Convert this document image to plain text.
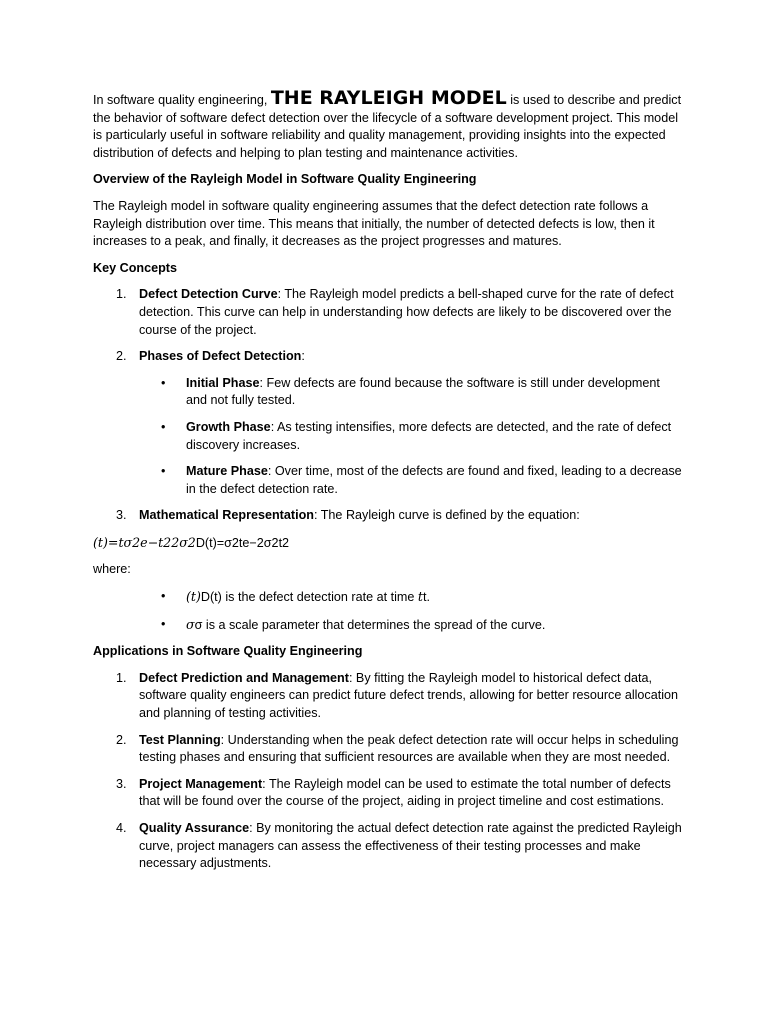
In software quality engineering, THE RAYLEIGH MODEL is used to describe and predict the behavior of software defect detection over the lifecycle of a software development project. This model is particularly useful in software reliability and quality management, providing insights into the expected distribution of defects and helping to plan testing and maintenance activities.

Overview of the Rayleigh Model in Software Quality Engineering

The Rayleigh model in software quality engineering assumes that the defect detection rate follows a Rayleigh distribution over time. This means that initially, the number of detected defects is low, then it increases to a peak, and finally, it decreases as the project progresses and matures.

Key Concepts

1. Defect Detection Curve: The Rayleigh model predicts a bell-shaped curve for the rate of defect detection. This curve can help in understanding how defects are likely to be discovered over the course of the project.
2. Phases of Defect Detection:
• Initial Phase: Few defects are found because the software is still under development and not fully tested.
• Growth Phase: As testing intensifies, more defects are detected, and the rate of defect discovery increases.
• Mature Phase: Over time, most of the defects are found and fixed, leading to a decrease in the defect detection rate.
3. Mathematical Representation: The Rayleigh curve is defined by the equation:

(𝑡)=𝑡𝜎2𝑒−𝑡22𝜎2D(t)=σ2te−2σ2t2

where:

• (𝑡)D(t) is the defect detection rate at time 𝑡t.
• 𝜎σ is a scale parameter that determines the spread of the curve.

Applications in Software Quality Engineering

1. Defect Prediction and Management: By fitting the Rayleigh model to historical defect data, software quality engineers can predict future defect trends, allowing for better resource allocation and planning of testing activities.
2. Test Planning: Understanding when the peak defect detection rate will occur helps in scheduling testing phases and ensuring that sufficient resources are available when they are most needed.
3. Project Management: The Rayleigh model can be used to estimate the total number of defects that will be found over the course of the project, aiding in project timeline and cost estimations.
4. Quality Assurance: By monitoring the actual defect detection rate against the predicted Rayleigh curve, project managers can assess the effectiveness of their testing processes and make necessary adjustments.
